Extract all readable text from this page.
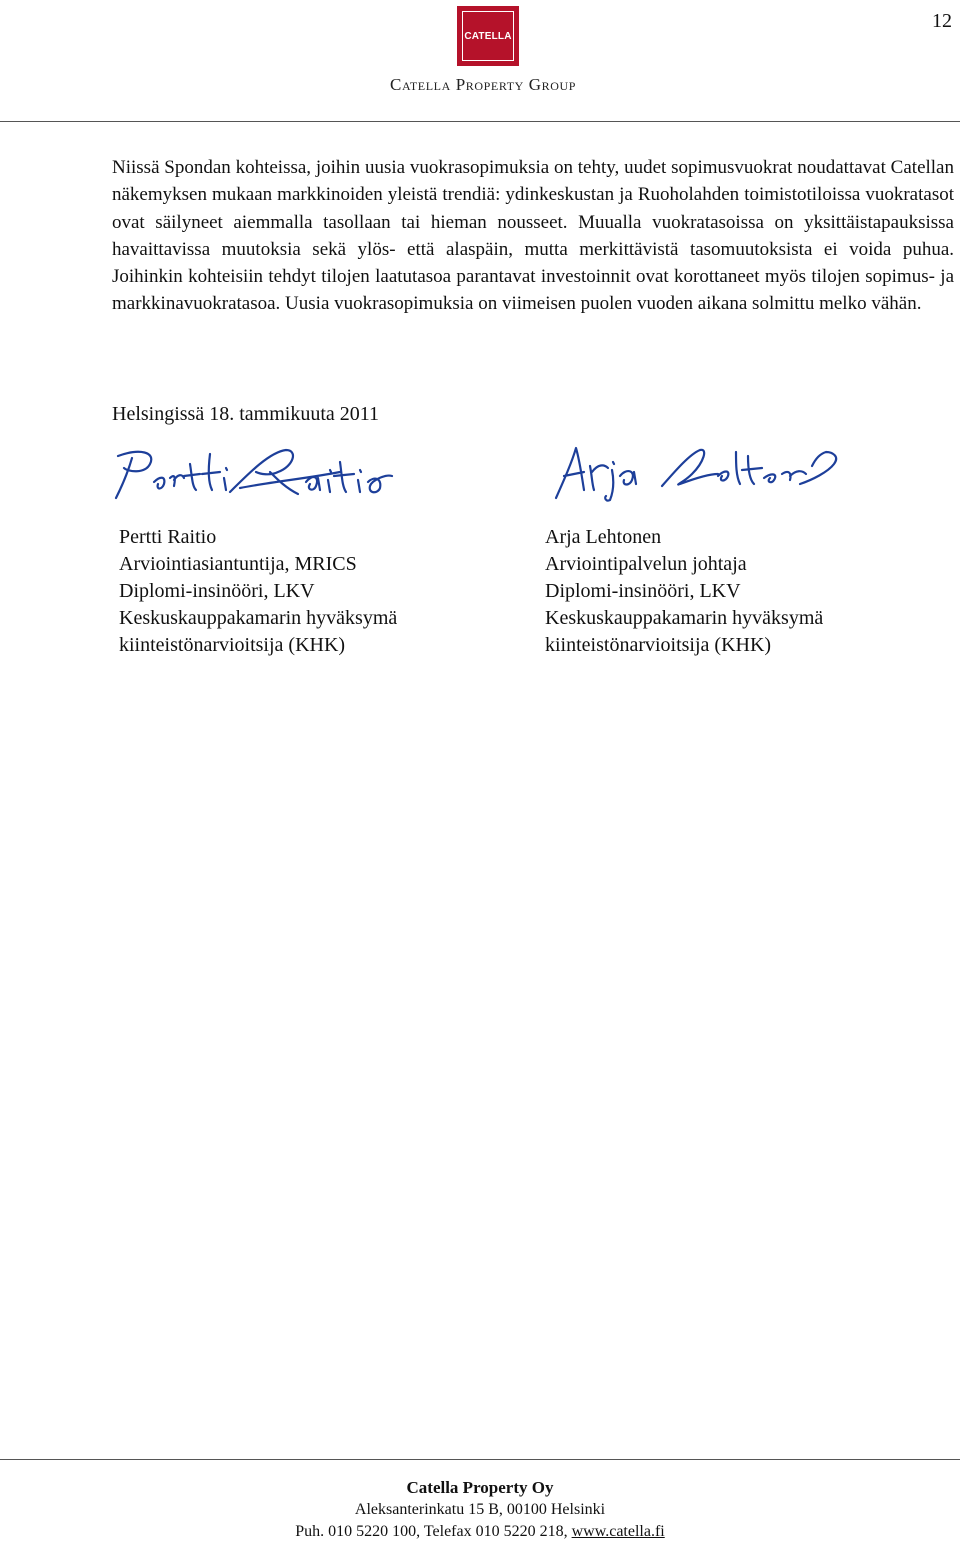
12
CATELLA
Catella Property Group

Niissä Spondan kohteissa, joihin uusia vuokrasopimuksia on tehty, uudet sopimusvuokrat noudattavat Catellan näkemyksen mukaan markkinoiden yleistä trendiä: ydinkeskustan ja Ruoholahden toimistotiloissa vuokratasot ovat säilyneet aiemmalla tasollaan tai hieman nousseet. Muualla vuokratasoissa on yksittäistapauksissa havaittavissa muutoksia sekä ylös- että alaspäin, mutta merkittävistä tasomuutoksista ei voida puhua. Joihinkin kohteisiin tehdyt tilojen laatutasoa parantavat investoinnit ovat korottaneet myös tilojen sopimus- ja markkinavuokratasoa. Uusia vuokrasopimuksia on viimeisen puolen vuoden aikana solmittu melko vähän.

Helsingissä 18. tammikuuta 2011

Pertti Raitio
Arviointiasiantuntija, MRICS
Diplomi-insinööri, LKV
Keskuskauppakamarin hyväksymä
kiinteistönarvioitsija (KHK)
Arja Lehtonen
Arviointipalvelun johtaja
Diplomi-insinööri, LKV
Keskuskauppakamarin hyväksymä
kiinteistönarvioitsija (KHK)
Catella Property Oy
Aleksanterinkatu 15 B, 00100 Helsinki
Puh. 010 5220 100, Telefax 010 5220 218, www.catella.fi
